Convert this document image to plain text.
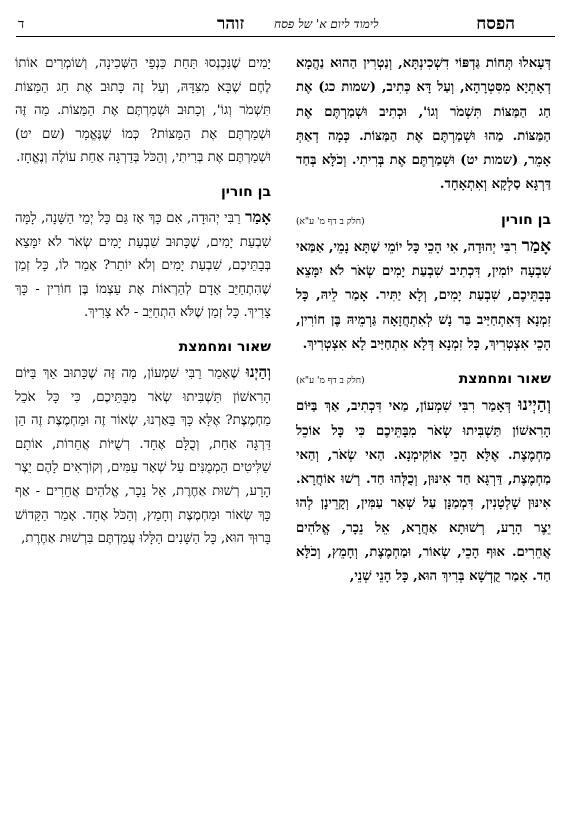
ד	זוהר לימוד ליום א' של פסח	הפסח

דְּעָאלוּ תְּחוֹת גַּדְפּוֹי דִשְׁכִינְתָּא, וְנַטְרִין הַהוּא נַהֲמָא דְאָתְיָא מִסִּטְרָהָא, וְעַל דָּא כְּתִיב, (שמות כג) אֶת חַג הַמַּצּוֹת תִּשְׁמֹר וְגוֹ', וּכְתִיב וּשְׁמַרְתֶּם אֶת הַמַּצּוֹת. מַהוּ וּשְׁמַרְתֶּם אֶת הַמַּצּוֹת. כְּמָה דְאַתְּ אָמֵר, (שמות יט) וּשְׁמַרְתֶּם אֶת בְּרִיתִי. וְכֹלָּא בְּחַד דַּרְגָּא סַלְקָא וְאִתְאָחָד.

בן חורין
(חלק ב דף מ' ע"א)

אָמַר רִבִּי יְהוּדָה, אִי הָכֵי כָּל יוֹמֵי שַׁתָּא נָמֵי, אַמַּאי שִׁבְעָה יוֹמִין, דִּכְתִיב שִׁבְעַת יָמִים שְׂאֹר לֹא יִמָּצֵא בְּבָתֵּיכֶם, שִׁבְעַת יָמִים, וְלָא יַתִּיר. אָמַר לֵיהּ, כָּל זִמְנָא דְּאִתְחַיַּיב בַּר נָשׁ לְאִתְחֲזָאָה גַּרְמֵיהּ בֶּן חוֹרִין, הָכֵי אִצְטְרִיךְ, כָּל זִמְנָא דְּלָא אִתְחַיַּיב לָא אִצְטְרִיךְ.

שאור ומחמצת
(חלק ב דף מ' ע"א)

וְהַיְינוּ דְּאָמַר רִבִּי שִׁמְעוֹן, מַאי דִּכְתִיב, אַךְ בַּיּוֹם הָרִאשׁוֹן תַּשְׁבִּיתוּ שְׂאֹר מִבָּתֵּיכֶם כִּי כָּל אוֹכֵל מַחְמֶצֶת. אֶלָּא הָכֵי אוֹקִימְנָא. הַאי שְׂאֹר, וְהַאי מַחְמֶצֶת, דַּרְגָּא חַד אִינּוּן, וְכֻלְּהוּ חַד. רְשׁוּ אוֹחֲרָא. אִינּוּן שָׁלְטָנִין, דִּמְמַנָּן עַל שְׁאַר עַמִּין, וְקָרֵינָן לְהוּ יֵצֶר הָרָע, רְשׁוּתָא אַחֲרָא, אֵל נֵכָר, אֱלֹהִים אֲחֵרִים. אוּף הָכֵי, שְׂאוֹר, וּמַחְמֶצֶת, וְחָמֵץ, וְכֹלָּא חַד. אָמַר קֻדְשָׁא בְּרִיךְ הוּא, כָּל הָנֵי שְׁנֵי,

יָמִים שֶׁנִּכְנְסוּ תַּחַת כַּנְפֵי הַשְּׁכִינָה, וְשׁוֹמְרִים אוֹתוֹ לֶחֶם שֶׁבָּא מִצִּדָּהּ, וְעַל זֶה כָּתוּב אֶת חַג הַמַּצּוֹת תִּשְׁמֹר וְגוֹ', וְכָתוּב וּשְׁמַרְתֶּם אֶת הַמַּצּוֹת. מַה זֶּה וּשְׁמַרְתֶּם אֶת הַמַּצּוֹת? כְּמוֹ שֶׁנֶּאֱמַר (שם יט) וּשְׁמַרְתֶּם אֶת בְּרִיתִי, וְהַכֹּל בְּדַרְגָּה אַחַת עוֹלֶה וְנֶאֱחָז.

בן חורין

אָמַר רַבִּי יְהוּדָה, אִם כָּךְ אָז גַּם כָּל יְמֵי הַשָּׁנָה, לָמָּה שִׁבְעַת יָמִים, שֶׁכָּתוּב שִׁבְעַת יָמִים שְׂאֹר לֹא יִמָּצֵא בְּבָתֵּיכֶם, שִׁבְעַת יָמִים וְלֹא יוֹתֵר? אָמַר לוֹ, כָּל זְמַן שֶׁהִתְחַיֵּב אָדָם לְהַרְאוֹת אֶת עַצְמוֹ בֶּן חוֹרִין - כָּךְ צָרִיךְ. כָּל זְמַן שֶׁלֹּא הִתְחַיֵּב - לֹא צָרִיךְ.

שאור ומחמצת

וְהַיְנוּ שֶׁאָמַר רַבִּי שִׁמְעוֹן, מַה זֶּה שֶׁכָּתוּב אַךְ בַּיּוֹם הָרִאשׁוֹן תַּשְׁבִּיתוּ שְׂאֹר מִבָּתֵּיכֶם, כִּי כָּל אֹכֵל מַחְמֶצֶת? אֶלָּא כָּךְ בֵּאַרְנוּ, שְׂאוֹר זֶה וּמַחְמֶצֶת זֶה הֵן דַּרְגָּה אַחַת, וְכֻלָּם אֶחָד. רְשֻׁיּוֹת אֲחֵרוֹת, אוֹתָם שַׁלִּיטִים הַמְמֻנִּים עַל שְׁאָר עַמִּים, וְקוֹרְאִים לָהֶם יֵצֶר הָרָע, רְשׁוּת אַחֶרֶת, אֵל נֵכָר, אֱלֹהִים אֲחֵרִים - אַף כָּךְ שְׂאוֹר וּמַחְמֶצֶת וְחָמֵץ, וְהַכֹּל אֶחָד. אָמַר הַקָּדוֹשׁ בָּרוּךְ הוּא, כָּל הַשָּׁנִים הַלָּלוּ עֲמַדְתֶּם בִּרְשׁוּת אַחֶרֶת,
